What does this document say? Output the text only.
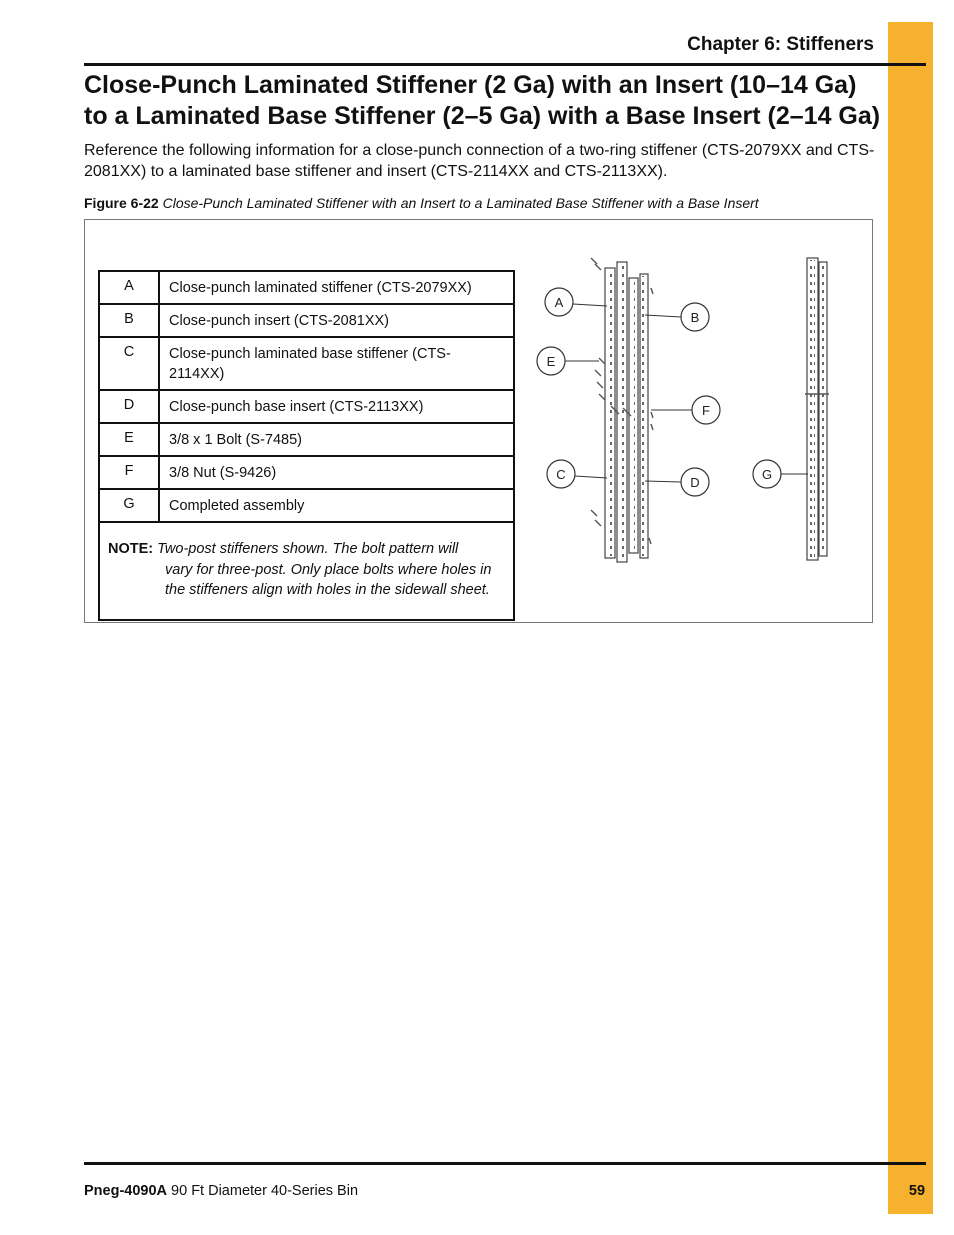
Chapter 6: Stiffeners
Close-Punch Laminated Stiffener (2 Ga) with an Insert (10–14 Ga) to a Laminated Base Stiffener (2–5 Ga) with a Base Insert (2–14 Ga)

Reference the following information for a close-punch connection of a two-ring stiffener (CTS-2079XX and CTS-2081XX) to a laminated base stiffener and insert (CTS-2114XX and CTS-2113XX).

Figure 6-22 Close-Punch Laminated Stiffener with an Insert to a Laminated Base Stiffener with a Base Insert
A	Close-punch laminated stiffener (CTS-2079XX)
B	Close-punch insert (CTS-2081XX)
C	Close-punch laminated base stiffener (CTS-2114XX)
D	Close-punch base insert (CTS-2113XX)
E	3/8 x 1 Bolt (S-7485)
F	3/8 Nut (S-9426)
G	Completed assembly
NOTE: Two-post stiffeners shown. The bolt pattern will
vary for three-post. Only place bolts where holes in the stiffeners align with holes in the sidewall sheet.
A
E
C
B
F
D
G
Pneg-4090A 90 Ft Diameter 40-Series Bin	59
